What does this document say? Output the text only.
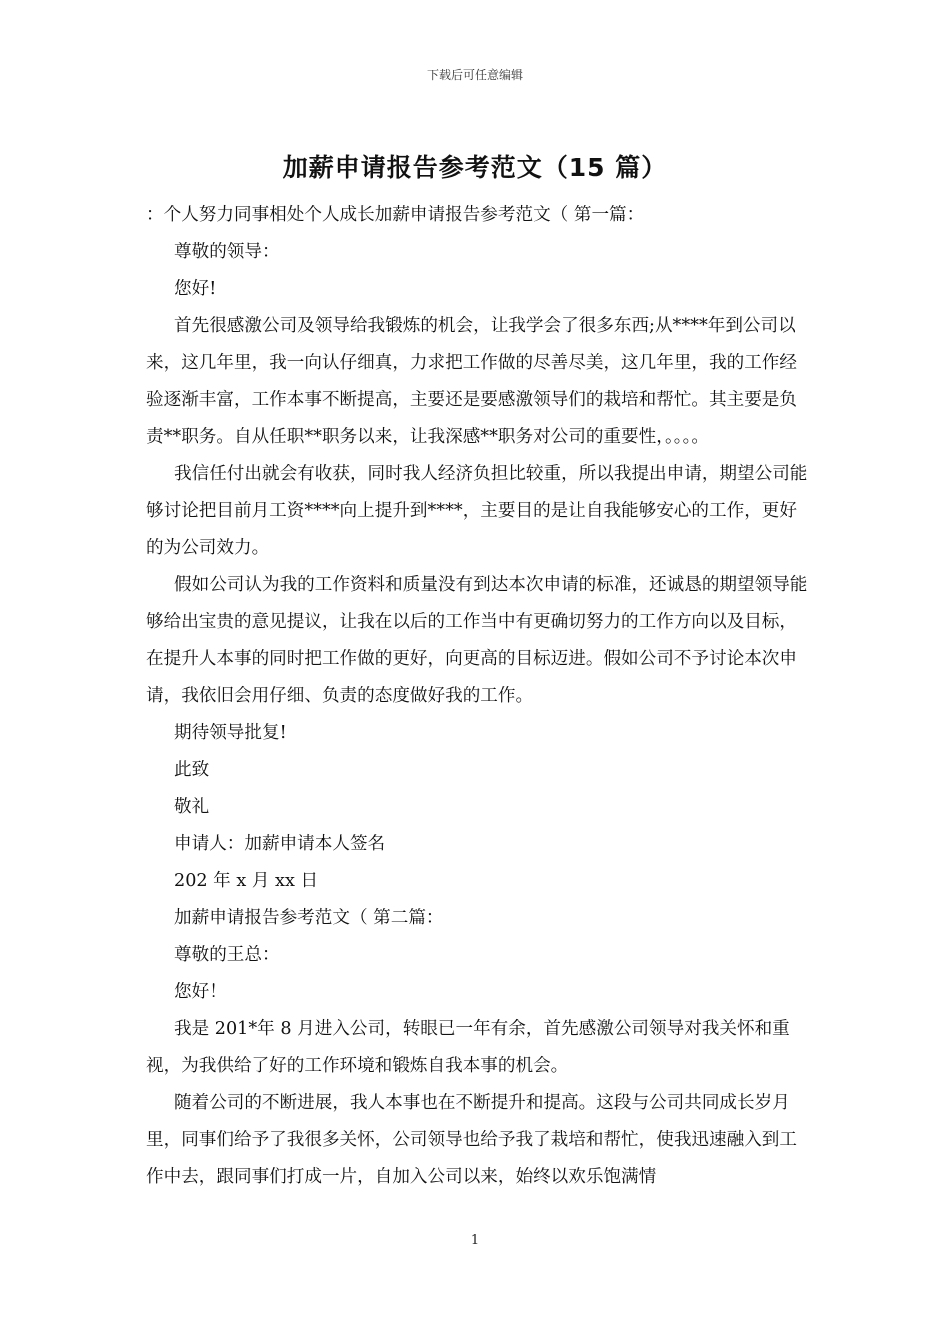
下载后可任意编辑
加薪申请报告参考范文（15 篇）

：个人努力同事相处个人成长加薪申请报告参考范文（ 第一篇：

尊敬的领导：

您好!

首先很感激公司及领导给我锻炼的机会，让我学会了很多东西;从****年到公司以来，这几年里，我一向认仔细真，力求把工作做的尽善尽美，这几年里，我的工作经验逐渐丰富，工作本事不断提高，主要还是要感激领导们的栽培和帮忙。其主要是负责**职务。自从任职**职务以来，让我深感**职务对公司的重要性，。。。。

我信任付出就会有收获，同时我人经济负担比较重，所以我提出申请，期望公司能够讨论把目前月工资****向上提升到****，主要目的是让自我能够安心的工作，更好的为公司效力。

假如公司认为我的工作资料和质量没有到达本次申请的标准，还诚恳的期望领导能够给出宝贵的意见提议，让我在以后的工作当中有更确切努力的工作方向以及目标，在提升人本事的同时把工作做的更好，向更高的目标迈进。假如公司不予讨论本次申请，我依旧会用仔细、负责的态度做好我的工作。

期待领导批复!

此致

敬礼

申请人：加薪申请本人签名

202 年 x 月 xx 日

加薪申请报告参考范文（ 第二篇：

尊敬的王总：

您好！

我是 201*年 8 月进入公司，转眼已一年有余，首先感激公司领导对我关怀和重视，为我供给了好的工作环境和锻炼自我本事的机会。

随着公司的不断进展，我人本事也在不断提升和提高。这段与公司共同成长岁月里，同事们给予了我很多关怀，公司领导也给予我了栽培和帮忙，使我迅速融入到工作中去，跟同事们打成一片，自加入公司以来，始终以欢乐饱满情

1
